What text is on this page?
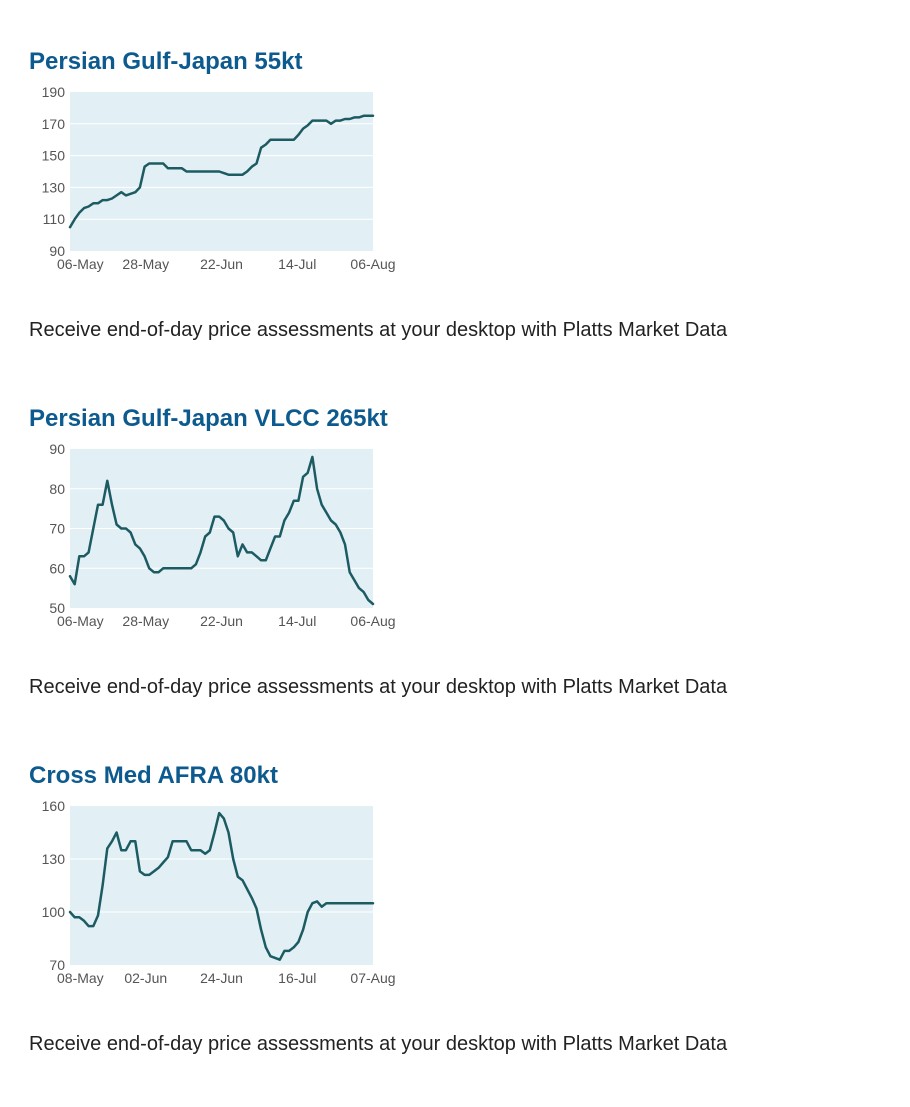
Persian Gulf-Japan 55kt
190
170
150
130
110
90
06-May 28-May 22-Jun	14-Jul 06-Aug

Receive end-of-day price assessments at your desktop with Platts Market Data

Persian Gulf-Japan VLCC 265kt
90
80
70
60
50
06-May 28-May 22-Jun	14-Jul 06-Aug

Receive end-of-day price assessments at your desktop with Platts Market Data

Cross Med AFRA 80kt
160
130
100
70
08-May 02-Jun 24-Jun	16-Jul 07-Aug

Receive end-of-day price assessments at your desktop with Platts Market Data
